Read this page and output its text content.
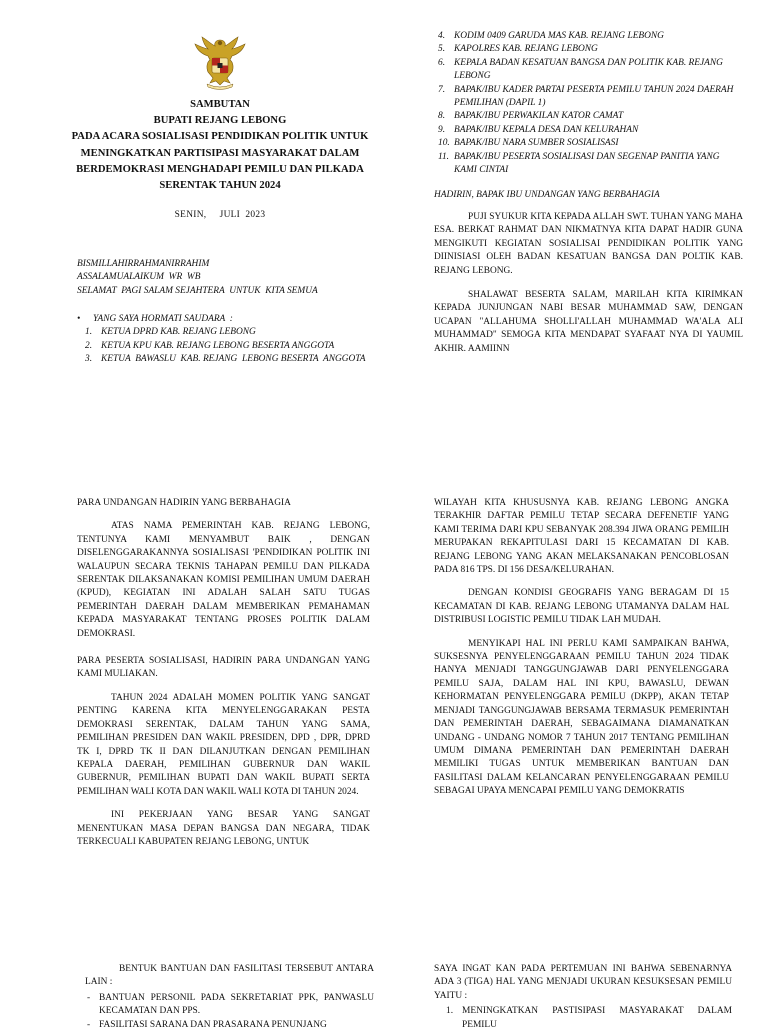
SAMBUTAN
BUPATI REJANG LEBONG
PADA ACARA SOSIALISASI PENDIDIKAN POLITIK UNTUK
MENINGKATKAN PARTISIPASI MASYARAKAT DALAM
BERDEMOKRASI MENGHADAPI PEMILU DAN PILKADA
SERENTAK TAHUN 2024
SENIN,     JULI  2023
BISMILLAHIRRAHMANIRRAHIM
ASSALAMUALAIKUM  WR  WB
SELAMAT  PAGI SALAM SEJAHTERA  UNTUK  KITA SEMUA
• YANG SAYA HORMATI SAUDARA  :
1. KETUA DPRD KAB. REJANG LEBONG
2. KETUA KPU KAB. REJANG LEBONG BESERTA ANGGOTA
3. KETUA  BAWASLU  KAB. REJANG  LEBONG BESERTA  ANGGOTA
4. KODIM 0409 GARUDA MAS KAB. REJANG LEBONG
5. KAPOLRES KAB. REJANG LEBONG
6. KEPALA BADAN KESATUAN BANGSA DAN POLITIK KAB. REJANG LEBONG
7. BAPAK/IBU KADER PARTAI PESERTA PEMILU TAHUN 2024 DAERAH PEMILIHAN (DAPIL 1)
8. BAPAK/IBU PERWAKILAN KATOR CAMAT
9. BAPAK/IBU KEPALA DESA DAN KELURAHAN
10. BAPAK/IBU NARA SUMBER SOSIALISASI
11. BAPAK/IBU PESERTA SOSIALISASI DAN SEGENAP PANITIA YANG KAMI CINTAI
HADIRIN, BAPAK IBU UNDANGAN YANG BERBAHAGIA

PUJI SYUKUR KITA KEPADA ALLAH SWT. TUHAN YANG MAHA ESA. BERKAT RAHMAT DAN NIKMATNYA KITA DAPAT HADIR GUNA MENGIKUTI KEGIATAN SOSIALISAI PENDIDIKAN POLITIK YANG DIINISIASI OLEH BADAN KESATUAN BANGSA DAN POLTIK KAB. REJANG LEBONG.

SHALAWAT BESERTA SALAM, MARILAH KITA KIRIMKAN KEPADA JUNJUNGAN NABI BESAR MUHAMMAD SAW, DENGAN UCAPAN "ALLAHUMA SHOLLI'ALLAH MUHAMMAD WA'ALA ALI MUHAMMAD" SEMOGA KITA MENDAPAT SYAFAAT NYA DI YAUMIL AKHIR. AAMIINN

PARA UNDANGAN HADIRIN YANG BERBAHAGIA

ATAS NAMA PEMERINTAH KAB. REJANG LEBONG, TENTUNYA KAMI MENYAMBUT BAIK , DENGAN DISELENGGARAKANNYA SOSIALISASI 'PENDIDIKAN POLITIK INI WALAUPUN SECARA TEKNIS TAHAPAN PEMILU DAN PILKADA SERENTAK DILAKSANAKAN KOMISI PEMILIHAN UMUM DAERAH (KPUD), KEGIATAN INI ADALAH SALAH SATU TUGAS PEMERINTAH DAERAH DALAM MEMBERIKAN PEMAHAMAN KEPADA MASYARAKAT TENTANG PROSES POLITIK DALAM DEMOKRASI.

PARA PESERTA SOSIALISASI, HADIRIN PARA UNDANGAN YANG KAMI MULIAKAN.

TAHUN 2024 ADALAH MOMEN POLITIK YANG SANGAT PENTING KARENA KITA MENYELENGGARAKAN PESTA DEMOKRASI SERENTAK, DALAM TAHUN YANG SAMA, PEMILIHAN PRESIDEN DAN WAKIL PRESIDEN, DPD , DPR, DPRD TK I, DPRD TK II DAN DILANJUTKAN DENGAN PEMILIHAN KEPALA DAERAH, PEMILIHAN GUBERNUR DAN WAKIL GUBERNUR, PEMILIHAN BUPATI DAN WAKIL BUPATI SERTA PEMILIHAN WALI KOTA DAN WAKIL WALI KOTA DI TAHUN 2024.

INI PEKERJAAN YANG BESAR YANG SANGAT MENENTUKAN MASA DEPAN BANGSA DAN NEGARA, TIDAK TERKECUALI KABUPATEN REJANG LEBONG, UNTUK

WILAYAH KITA KHUSUSNYA KAB. REJANG LEBONG ANGKA TERAKHIR DAFTAR PEMILU TETAP SECARA DEFENETIF YANG KAMI TERIMA DARI KPU SEBANYAK 208.394 JIWA ORANG PEMILIH MERUPAKAN REKAPITULASI DARI 15 KECAMATAN DI KAB. REJANG LEBONG YANG AKAN MELAKSANAKAN PENCOBLOSAN PADA 816 TPS. DI 156 DESA/KELURAHAN.

DENGAN KONDISI GEOGRAFIS YANG BERAGAM DI 15 KECAMATAN DI KAB. REJANG LEBONG UTAMANYA DALAM HAL DISTRIBUSI LOGISTIC PEMILU TIDAK LAH MUDAH.

MENYIKAPI HAL INI PERLU KAMI SAMPAIKAN BAHWA, SUKSESNYA PENYELENGGARAAN PEMILU TAHUN 2024 TIDAK HANYA MENJADI TANGGUNGJAWAB DARI PENYELENGGARA PEMILU SAJA, DALAM HAL INI KPU, BAWASLU, DEWAN KEHORMATAN PENYELENGGARA PEMILU (DKPP), AKAN TETAP MENJADI TANGGUNGJAWAB BERSAMA TERMASUK PEMERINTAH DAN PEMERINTAH DAERAH, SEBAGAIMANA DIAMANATKAN UNDANG - UNDANG NOMOR 7 TAHUN 2017 TENTANG PEMILIHAN UMUM DIMANA PEMERINTAH DAN PEMERINTAH DAERAH MEMILIKI TUGAS UNTUK MEMBERIKAN BANTUAN DAN FASILITASI DALAM KELANCARAN PENYELENGGARAAN PEMILU SEBAGAI UPAYA MENCAPAI PEMILU YANG DEMOKRATIS

BENTUK BANTUAN DAN FASILITASI TERSEBUT ANTARA LAIN :

- BANTUAN PERSONIL PADA SEKRETARIAT PPK, PANWASLU KECAMATAN DAN PPS.
- FASILITASI SARANA DAN PRASARANA PENUNJANG

SAYA INGAT KAN PADA PERTEMUAN INI BAHWA SEBENARNYA ADA 3 (TIGA) HAL YANG MENJADI UKURAN KESUKSESAN PEMILU YAITU :

1. MENINGKATKAN PASTISIPASI MASYARAKAT DALAM PEMILU
